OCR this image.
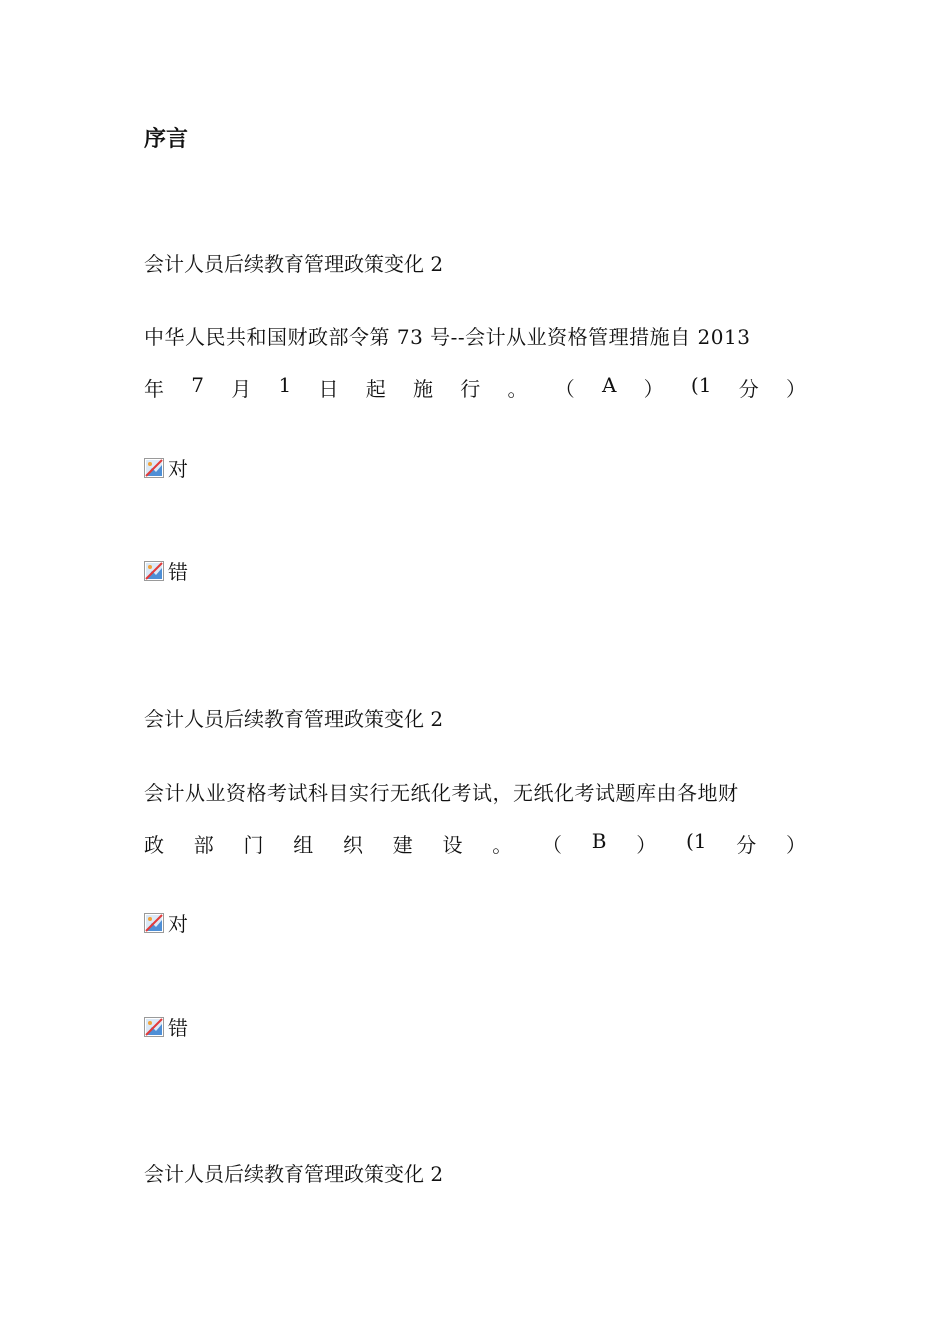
序言
会计人员后续教育管理政策变化 2
中华人民共和国财政部令第 73 号--会计从业资格管理措施自 2013
年 7 月 1 日 起 施 行 。 （ A ） (1 分 ）
对
错
会计人员后续教育管理政策变化 2
会计从业资格考试科目实行无纸化考试，无纸化考试题库由各地财
政 部 门 组 织 建 设 。 （ B ） (1 分 ）
对
错
会计人员后续教育管理政策变化 2
